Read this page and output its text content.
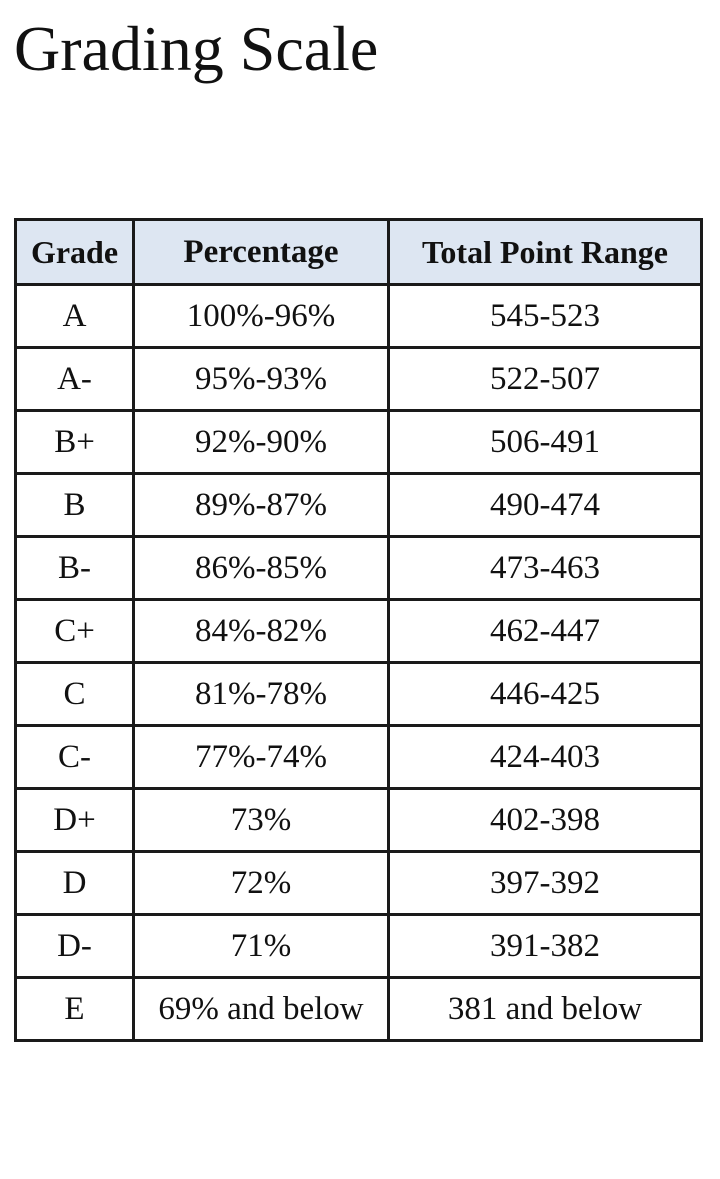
Grading Scale
Grade	Percentage	Total Point Range
A	100%-96%	545-523
A-	95%-93%	522-507
B+	92%-90%	506-491
B	89%-87%	490-474
B-	86%-85%	473-463
C+	84%-82%	462-447
C	81%-78%	446-425
C-	77%-74%	424-403
D+	73%	402-398
D	72%	397-392
D-	71%	391-382
E	69% and below	381 and below
